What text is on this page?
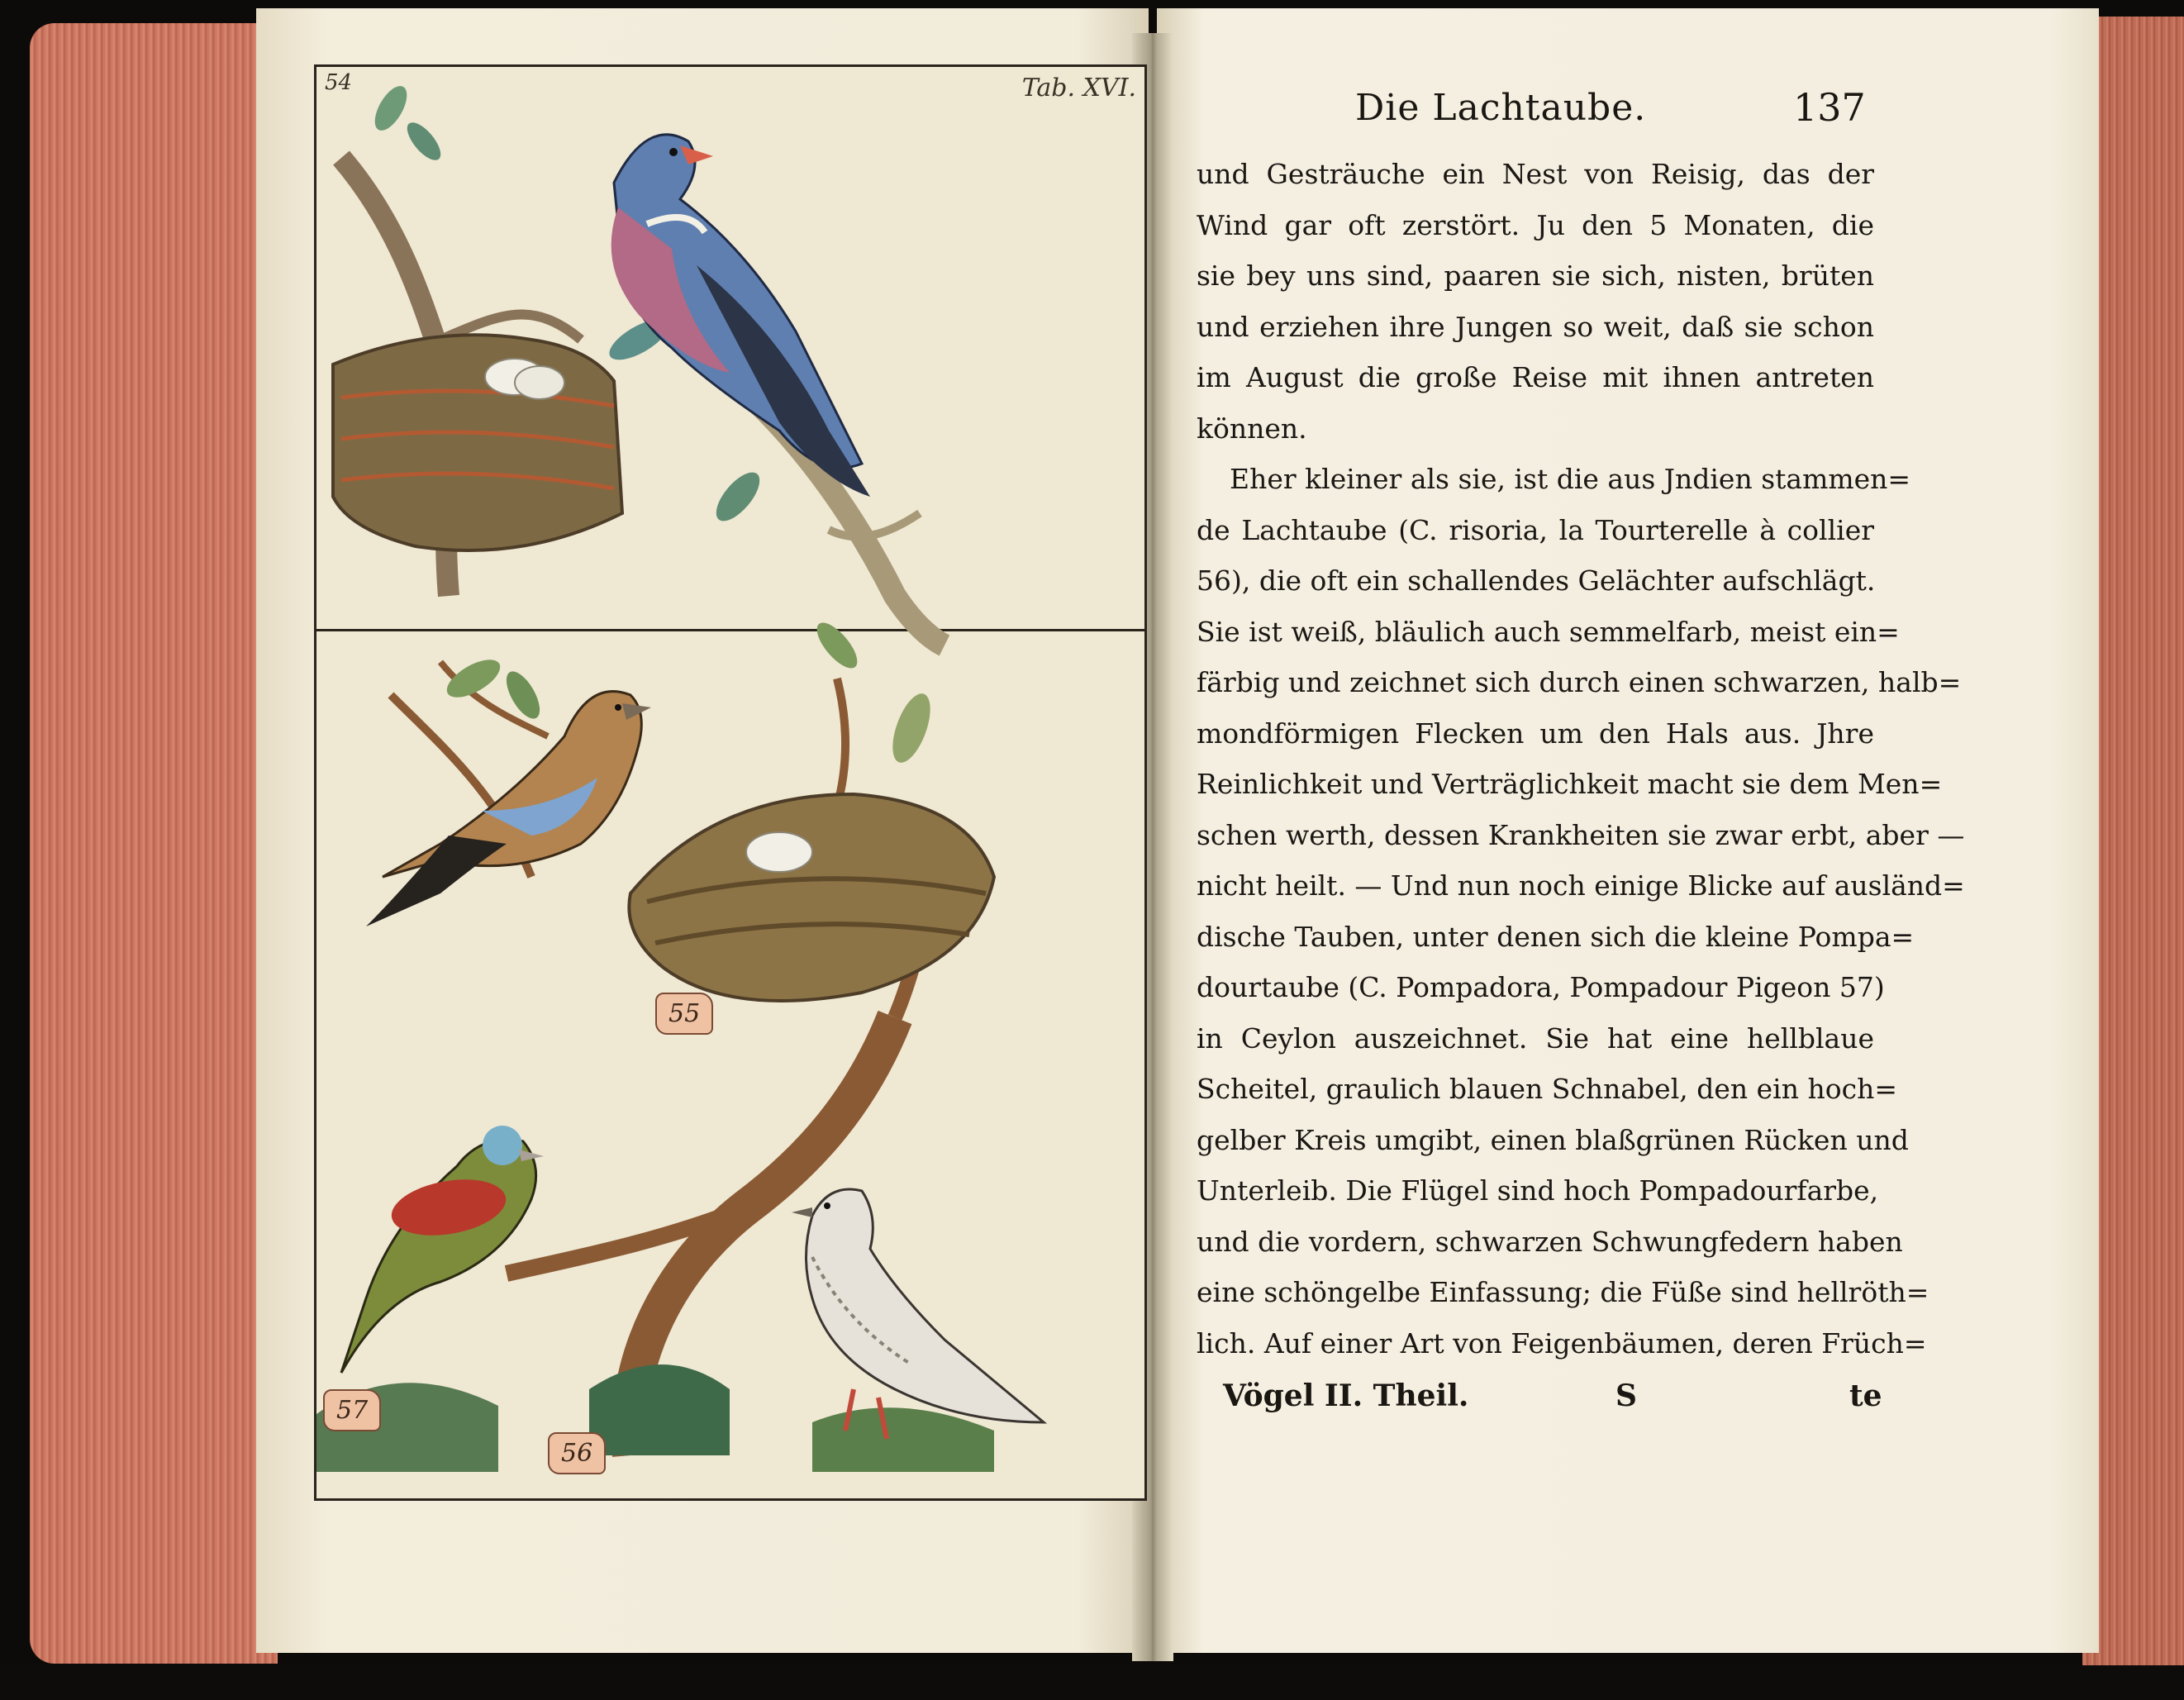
54	Tab. XVI.
55
57
56
Die Lachtaube.	137
und Gesträuche ein Nest von Reisig, das der
Wind gar oft zerstört. Ju den 5 Monaten, die
sie bey uns sind, paaren sie sich, nisten, brüten
und erziehen ihre Jungen so weit, daß sie schon
im August die große Reise mit ihnen antreten
können.
Eher kleiner als sie, ist die aus Jndien stammen=
de Lachtaube (C. risoria, la Tourterelle à collier
56), die oft ein schallendes Gelächter aufschlägt.
Sie ist weiß, bläulich auch semmelfarb, meist ein=
färbig und zeichnet sich durch einen schwarzen, halb=
mondförmigen Flecken um den Hals aus. Jhre
Reinlichkeit und Verträglichkeit macht sie dem Men=
schen werth, dessen Krankheiten sie zwar erbt, aber —
nicht heilt. — Und nun noch einige Blicke auf ausländ=
dische Tauben, unter denen sich die kleine Pompa=
dourtaube (C. Pompadora, Pompadour Pigeon 57)
in Ceylon auszeichnet. Sie hat eine hellblaue
Scheitel, graulich blauen Schnabel, den ein hoch=
gelber Kreis umgibt, einen blaßgrünen Rücken und
Unterleib. Die Flügel sind hoch Pompadourfarbe,
und die vordern, schwarzen Schwungfedern haben
eine schöngelbe Einfassung; die Füße sind hellröth=
lich. Auf einer Art von Feigenbäumen, deren Früch=
Vögel II. Theil.	S	te
